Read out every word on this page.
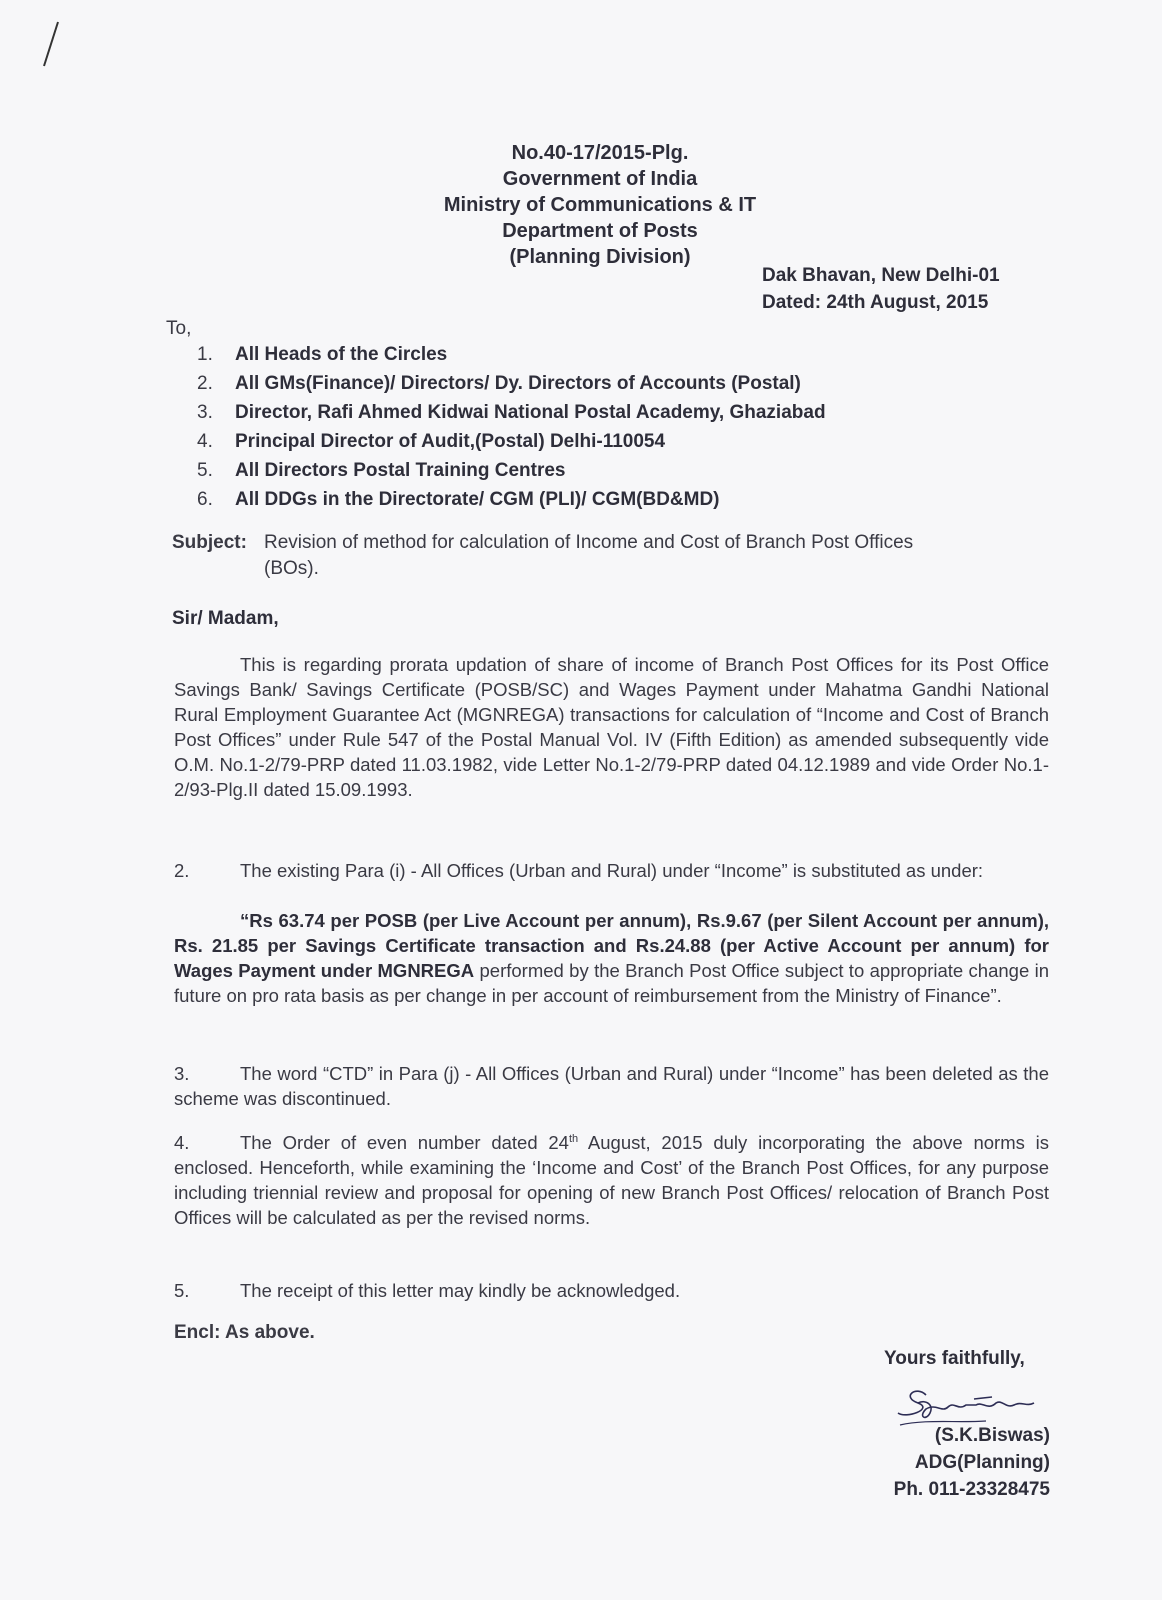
No.40-17/2015-Plg.
Government of India
Ministry of Communications & IT
Department of Posts
(Planning Division)
Dak Bhavan, New Delhi-01
Dated: 24th August, 2015
To,
1. All Heads of the Circles
2. All GMs(Finance)/ Directors/ Dy. Directors of Accounts (Postal)
3. Director, Rafi Ahmed Kidwai National Postal Academy, Ghaziabad
4. Principal Director of Audit,(Postal) Delhi-110054
5. All Directors Postal Training Centres
6. All DDGs in the Directorate/ CGM (PLI)/ CGM(BD&MD)
Subject: Revision of method for calculation of Income and Cost of Branch Post Offices
(BOs).
Sir/ Madam,
This is regarding prorata updation of share of income of Branch Post Offices for its Post Office Savings Bank/ Savings Certificate (POSB/SC) and Wages Payment under Mahatma Gandhi National Rural Employment Guarantee Act (MGNREGA) transactions for calculation of “Income and Cost of Branch Post Offices” under Rule 547 of the Postal Manual Vol. IV (Fifth Edition) as amended subsequently vide O.M. No.1-2/79-PRP dated 11.03.1982, vide Letter No.1-2/79-PRP dated 04.12.1989 and vide Order No.1-2/93-Plg.II dated 15.09.1993.
2.	The existing Para (i) - All Offices (Urban and Rural) under “Income” is substituted as under:
“Rs 63.74 per POSB (per Live Account per annum), Rs.9.67 (per Silent Account per annum), Rs. 21.85 per Savings Certificate transaction and Rs.24.88 (per Active Account per annum) for Wages Payment under MGNREGA performed by the Branch Post Office subject to appropriate change in future on pro rata basis as per change in per account of reimbursement from the Ministry of Finance”.
3.	The word “CTD” in Para (j) - All Offices (Urban and Rural) under “Income” has been deleted as the scheme was discontinued.
4.	The Order of even number dated 24th August, 2015 duly incorporating the above norms is enclosed. Henceforth, while examining the ‘Income and Cost’ of the Branch Post Offices, for any purpose including triennial review and proposal for opening of new Branch Post Offices/ relocation of Branch Post Offices will be calculated as per the revised norms.
5.	The receipt of this letter may kindly be acknowledged.
Encl: As above.
Yours faithfully,
(S.K.Biswas)
ADG(Planning)
Ph. 011-23328475
